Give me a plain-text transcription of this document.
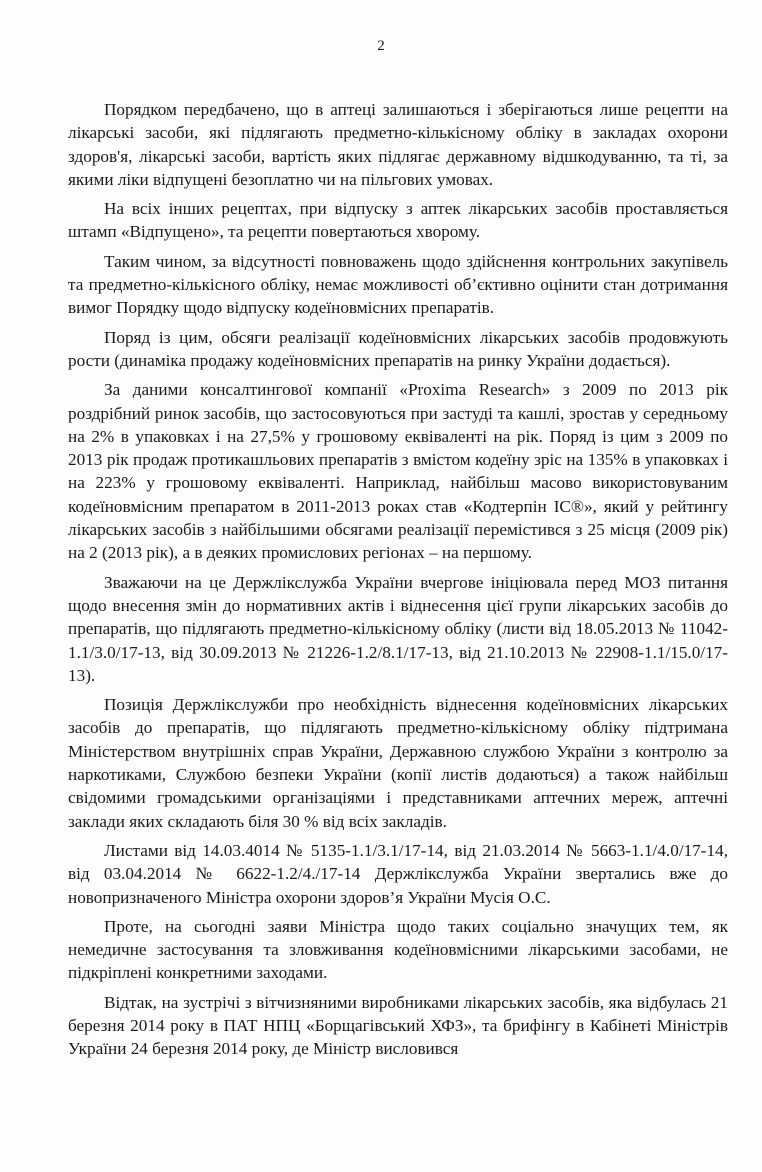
2

Порядком передбачено, що в аптеці залишаються і зберігаються лише рецепти на лікарські засоби, які підлягають предметно-кількісному обліку в закладах охорони здоров'я, лікарські засоби, вартість яких підлягає державному відшкодуванню, та ті, за якими ліки відпущені безоплатно чи на пільгових умовах.

На всіх інших рецептах, при відпуску з аптек лікарських засобів проставляється штамп «Відпущено», та рецепти повертаються хворому.

Таким чином, за відсутності повноважень щодо здійснення контрольних закупівель та предметно-кількісного обліку, немає можливості об’єктивно оцінити стан дотримання вимог Порядку щодо відпуску кодеїновмісних препаратів.

Поряд із цим, обсяги реалізації кодеїновмісних лікарських засобів продовжують рости (динаміка продажу кодеїновмісних препаратів на ринку України додається).

За даними консалтингової компанії «Proxima Research» з 2009 по 2013 рік роздрібний ринок засобів, що застосовуються при застуді та кашлі, зростав у середньому на 2% в упаковках і на 27,5% у грошовому еквіваленті на рік. Поряд із цим з 2009 по 2013 рік продаж протикашльових препаратів з вмістом кодеїну зріс на 135% в упаковках і на 223% у грошовому еквіваленті. Наприклад, найбільш масово використовуваним кодеїновмісним препаратом в 2011-2013 роках став «Кодтерпін ІС®», який у рейтингу лікарських засобів з найбільшими обсягами реалізації перемістився з 25 місця (2009 рік) на 2 (2013 рік), а в деяких промислових регіонах – на першому.

Зважаючи на це Держлікслужба України вчергове ініціювала перед МОЗ питання щодо внесення змін до нормативних актів і віднесення цієї групи лікарських засобів до препаратів, що підлягають предметно-кількісному обліку (листи від 18.05.2013 № 11042-1.1/3.0/17-13, від 30.09.2013 № 21226-1.2/8.1/17-13, від 21.10.2013 № 22908-1.1/15.0/17-13).

Позиція Держлікслужби про необхідність віднесення кодеїновмісних лікарських засобів до препаратів, що підлягають предметно-кількісному обліку підтримана Міністерством внутрішніх справ України, Державною службою України з контролю за наркотиками, Службою безпеки України (копії листів додаються) а також найбільш свідомими громадськими організаціями і представниками аптечних мереж, аптечні заклади яких складають біля 30 % від всіх закладів.

Листами від 14.03.4014 № 5135-1.1/3.1/17-14, від 21.03.2014 № 5663-1.1/4.0/17-14, від 03.04.2014 № 6622-1.2/4./17-14 Держлікслужба України звертались вже до новопризначеного Міністра охорони здоров’я України Мусія О.С.

Проте, на сьогодні заяви Міністра щодо таких соціально значущих тем, як немедичне застосування та зловживання кодеїновмісними лікарськими засобами, не підкріплені конкретними заходами.

Відтак, на зустрічі з вітчизняними виробниками лікарських засобів, яка відбулась 21 березня 2014 року в ПАТ НПЦ «Борщагівський ХФЗ», та брифінгу в Кабінеті Міністрів України 24 березня 2014 року, де Міністр висловився
